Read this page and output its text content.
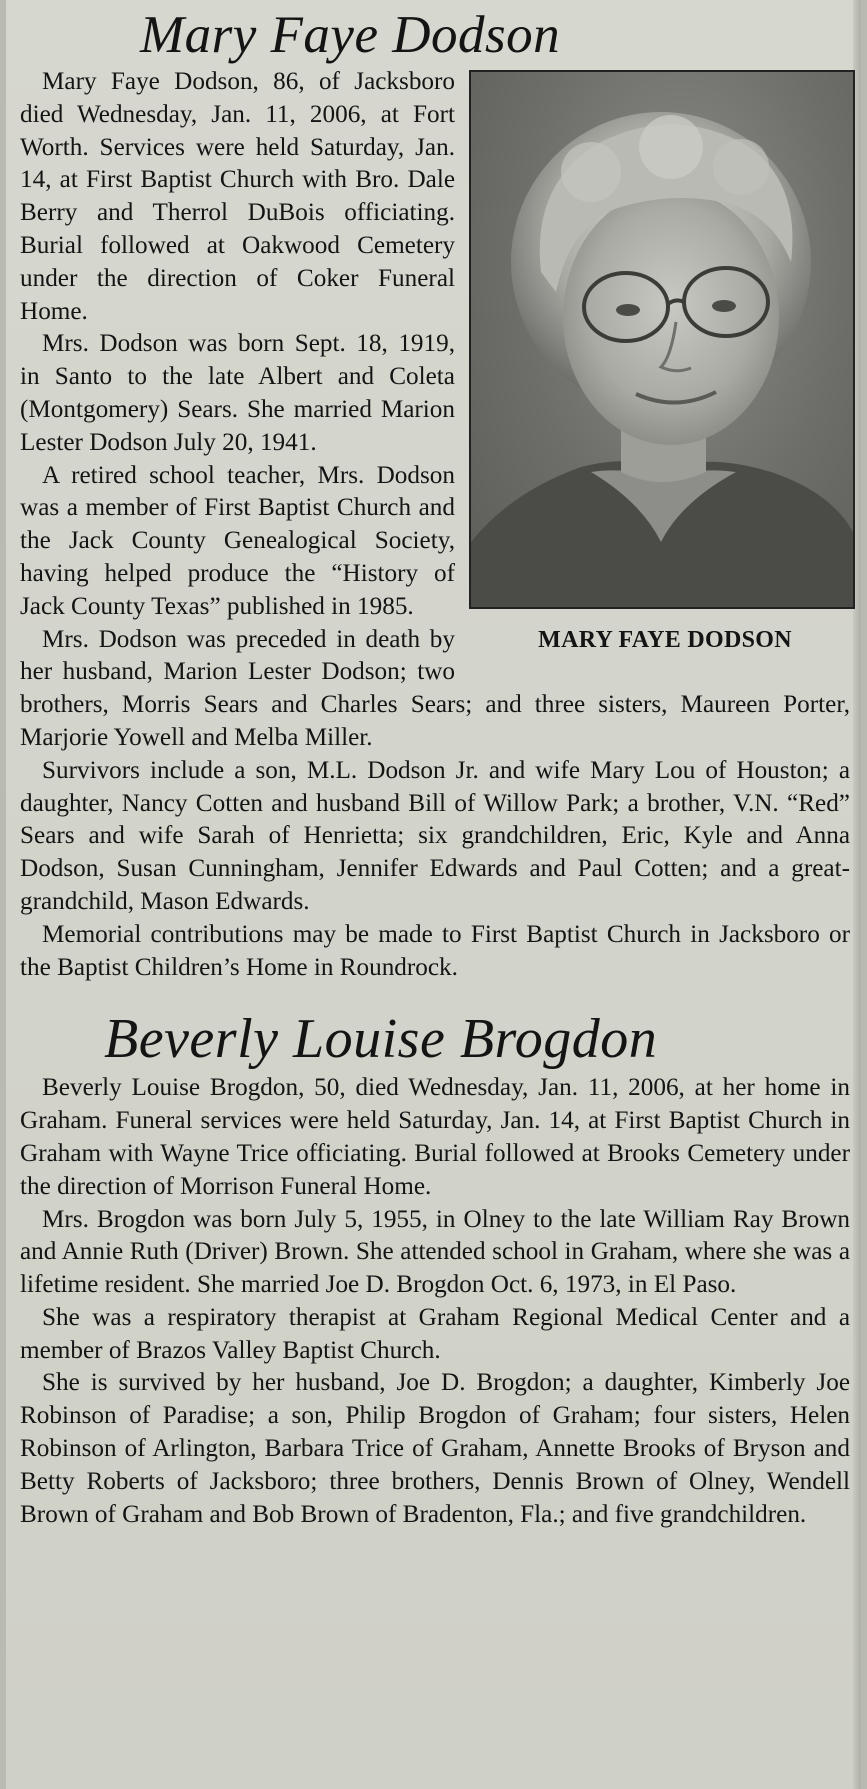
Mary Faye Dodson
MARY FAYE DODSON

Mary Faye Dodson, 86, of Jacksboro died Wednesday, Jan. 11, 2006, at Fort Worth. Services were held Saturday, Jan. 14, at First Baptist Church with Bro. Dale Berry and Therrol DuBois officiating. Burial followed at Oakwood Cemetery under the direction of Coker Funeral Home.

Mrs. Dodson was born Sept. 18, 1919, in Santo to the late Albert and Coleta (Montgomery) Sears. She married Marion Lester Dodson July 20, 1941.

A retired school teacher, Mrs. Dodson was a member of First Baptist Church and the Jack County Genealogical Society, having helped produce the “History of Jack County Texas” published in 1985.

Mrs. Dodson was preceded in death by her husband, Marion Lester Dodson; two brothers, Morris Sears and Charles Sears; and three sisters, Maureen Porter, Marjorie Yowell and Melba Miller.

Survivors include a son, M.L. Dodson Jr. and wife Mary Lou of Houston; a daughter, Nancy Cotten and husband Bill of Willow Park; a brother, V.N. “Red” Sears and wife Sarah of Henrietta; six grandchildren, Eric, Kyle and Anna Dodson, Susan Cunningham, Jennifer Edwards and Paul Cotten; and a great-grandchild, Mason Edwards.

Memorial contributions may be made to First Baptist Church in Jacksboro or the Baptist Children’s Home in Roundrock.

Beverly Louise Brogdon

Beverly Louise Brogdon, 50, died Wednesday, Jan. 11, 2006, at her home in Graham. Funeral services were held Saturday, Jan. 14, at First Baptist Church in Graham with Wayne Trice officiating. Burial followed at Brooks Cemetery under the direction of Morrison Funeral Home.

Mrs. Brogdon was born July 5, 1955, in Olney to the late William Ray Brown and Annie Ruth (Driver) Brown. She attended school in Graham, where she was a lifetime resident. She married Joe D. Brogdon Oct. 6, 1973, in El Paso.

She was a respiratory therapist at Graham Regional Medical Center and a member of Brazos Valley Baptist Church.

She is survived by her husband, Joe D. Brogdon; a daughter, Kimberly Joe Robinson of Paradise; a son, Philip Brogdon of Graham; four sisters, Helen Robinson of Arlington, Barbara Trice of Graham, Annette Brooks of Bryson and Betty Roberts of Jacksboro; three brothers, Dennis Brown of Olney, Wendell Brown of Graham and Bob Brown of Bradenton, Fla.; and five grandchildren.
